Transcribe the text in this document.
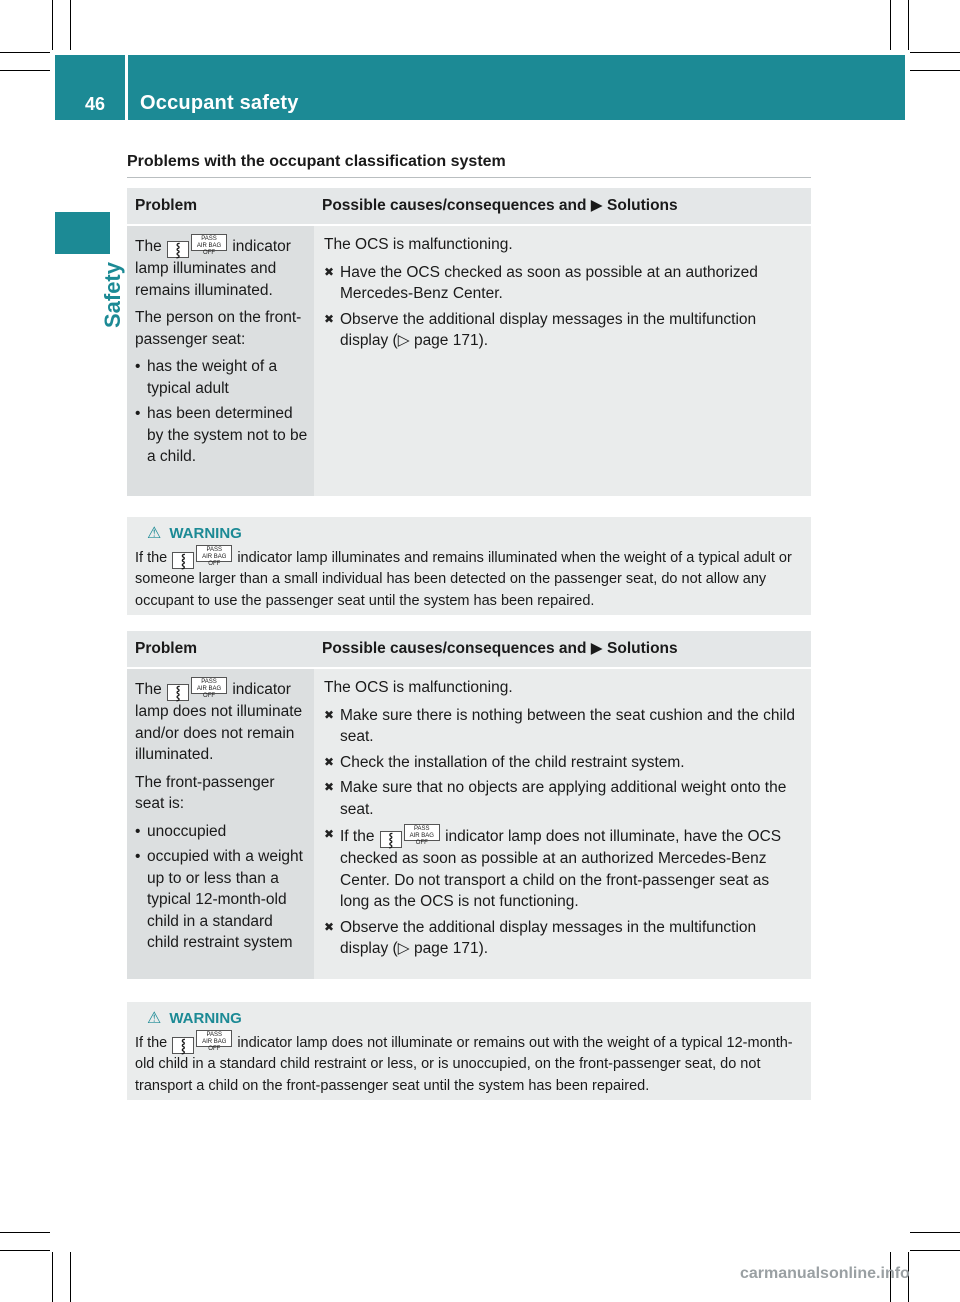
46 Occupant safety
Safety
Problems with the occupant classification system
Problem	Possible causes/consequences and ▶ Solutions

The ⸾PASS
AIR BAG OFF indicator lamp illuminates and remains illuminated.

The person on the front-passenger seat:

• has the weight of a typical adult
• has been determined by the system not to be a child.

The OCS is malfunctioning.

✖ Have the OCS checked as soon as possible at an authorized Mercedes-Benz Center.
✖ Observe the additional display messages in the multifunction display (▷ page 171).
⚠ WARNING
If the ⸾PASS
AIR BAG OFF indicator lamp illuminates and remains illuminated when the weight of a typical adult or someone larger than a small individual has been detected on the passenger seat, do not allow any occupant to use the passenger seat until the system has been repaired.
Problem	Possible causes/consequences and ▶ Solutions

The ⸾PASS
AIR BAG OFF indicator lamp does not illuminate and/or does not remain illuminated.

The front-passenger seat is:

• unoccupied
• occupied with a weight up to or less than a typical 12-month-old child in a standard child restraint system

The OCS is malfunctioning.

✖ Make sure there is nothing between the seat cushion and the child seat.
✖ Check the installation of the child restraint system.
✖ Make sure that no objects are applying additional weight onto the seat.
✖ If the ⸾PASS
AIR BAG OFF indicator lamp does not illuminate, have the OCS checked as soon as possible at an authorized Mercedes-Benz Center. Do not transport a child on the front-passenger seat as long as the OCS is not functioning.
✖ Observe the additional display messages in the multifunction display (▷ page 171).
⚠ WARNING
If the ⸾PASS
AIR BAG OFF indicator lamp does not illuminate or remains out with the weight of a typical 12-month-old child in a standard child restraint or less, or is unoccupied, on the front-passenger seat, do not transport a child on the front-passenger seat until the system has been repaired.
carmanualsonline.info
